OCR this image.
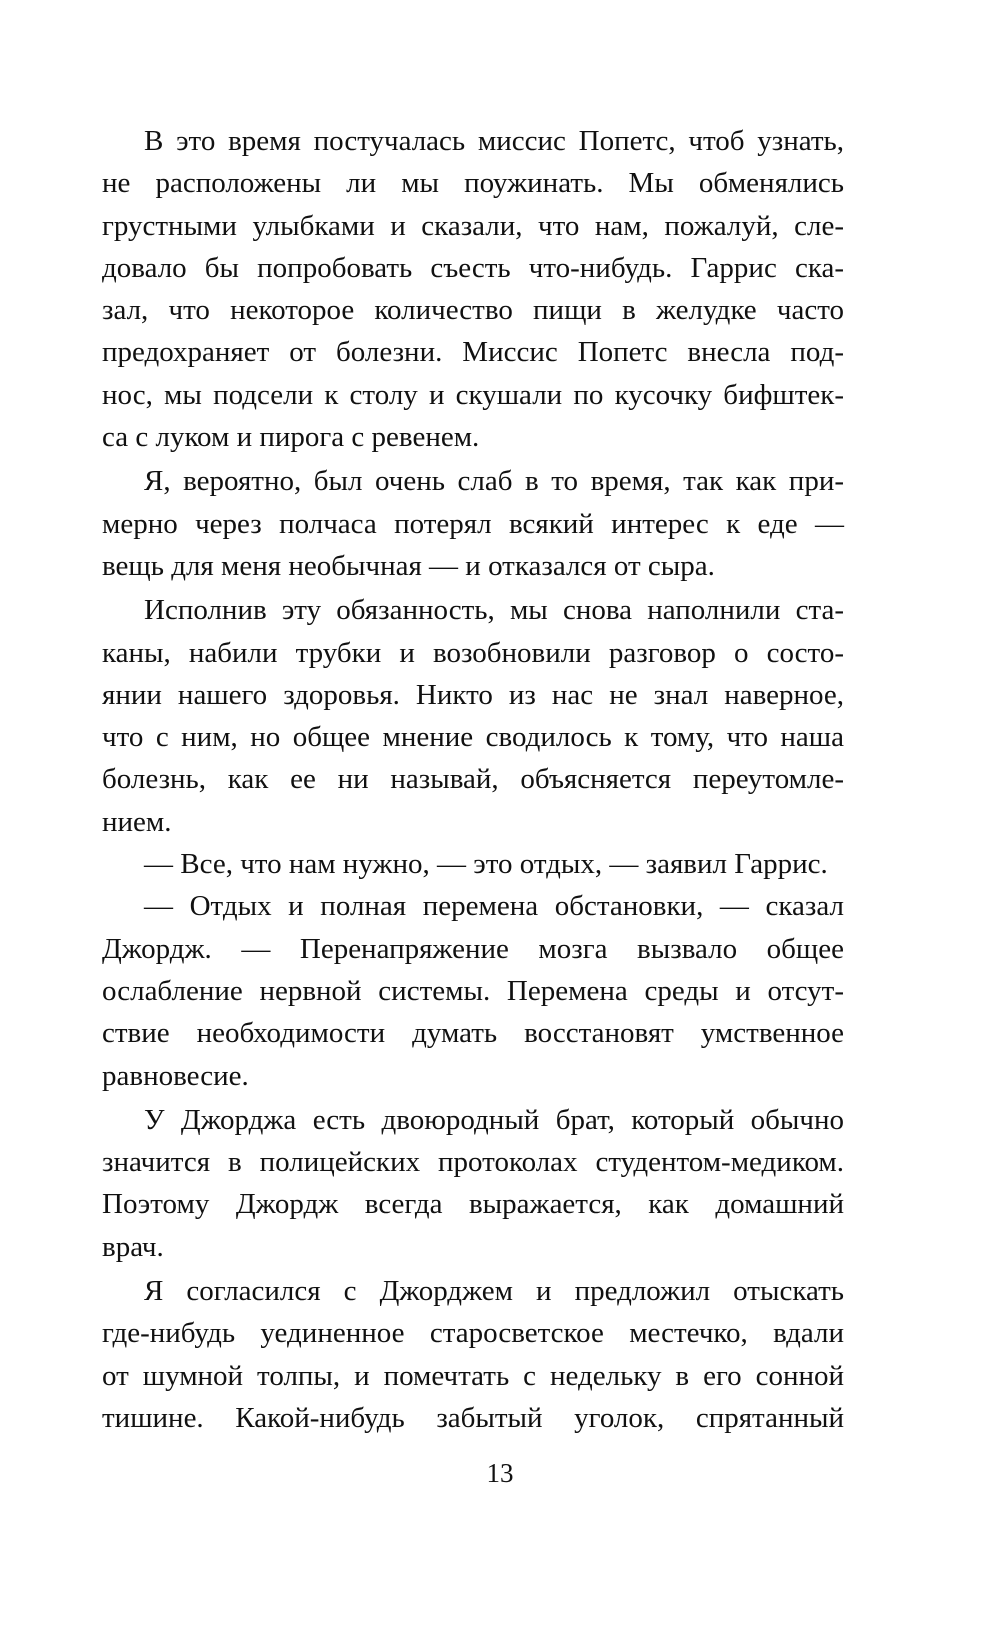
В это время постучалась миссис Попетс, чтоб узнать,
не расположены ли мы поужинать. Мы обменялись
грустными улыбками и сказали, что нам, пожалуй, сле-
довало бы попробовать съесть что-нибудь. Гаррис ска-
зал, что некоторое количество пищи в желудке часто
предохраняет от болезни. Миссис Попетс внесла под-
нос, мы подсели к столу и скушали по кусочку бифштек-
са с луком и пирога с ревенем.
Я, вероятно, был очень слаб в то время, так как при-
мерно через полчаса потерял всякий интерес к еде —
вещь для меня необычная — и отказался от сыра.
Исполнив эту обязанность, мы снова наполнили ста-
каны, набили трубки и возобновили разговор о состо-
янии нашего здоровья. Никто из нас не знал наверное,
что с ним, но общее мнение сводилось к тому, что наша
болезнь, как ее ни называй, объясняется переутомле-
нием.
— Все, что нам нужно, — это отдых, — заявил Гаррис.
— Отдых и полная перемена обстановки, — сказал
Джордж. — Перенапряжение мозга вызвало общее
ослабление нервной системы. Перемена среды и отсут-
ствие необходимости думать восстановят умственное
равновесие.
У Джорджа есть двоюродный брат, который обычно
значится в полицейских протоколах студентом-медиком.
Поэтому Джордж всегда выражается, как домашний
врач.
Я согласился с Джорджем и предложил отыскать
где-нибудь уединенное старосветское местечко, вдали
от шумной толпы, и помечтать с недельку в его сонной
тишине. Какой-нибудь забытый уголок, спрятанный
13
